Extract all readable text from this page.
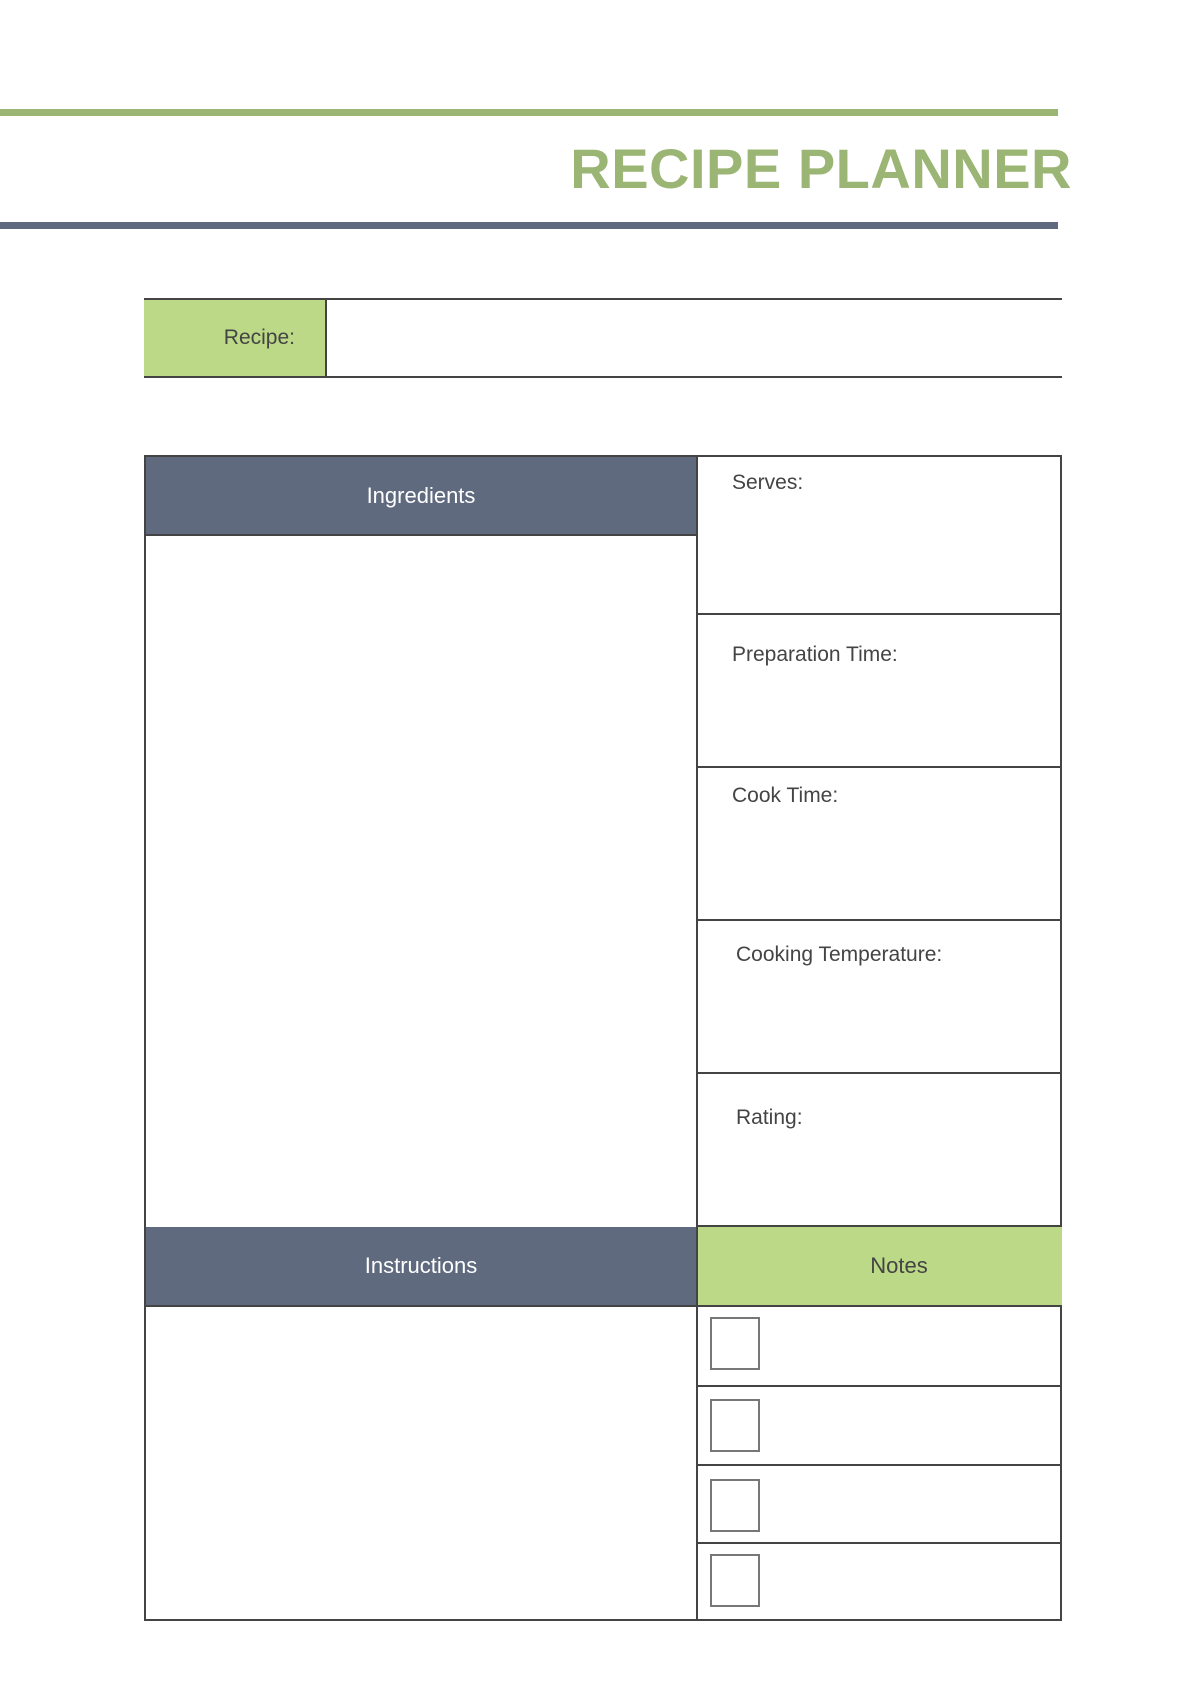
RECIPE PLANNER
Recipe:
Ingredients	Serves:
Preparation Time:
Cook Time:
Cooking Temperature:
Rating:
Instructions	Notes
